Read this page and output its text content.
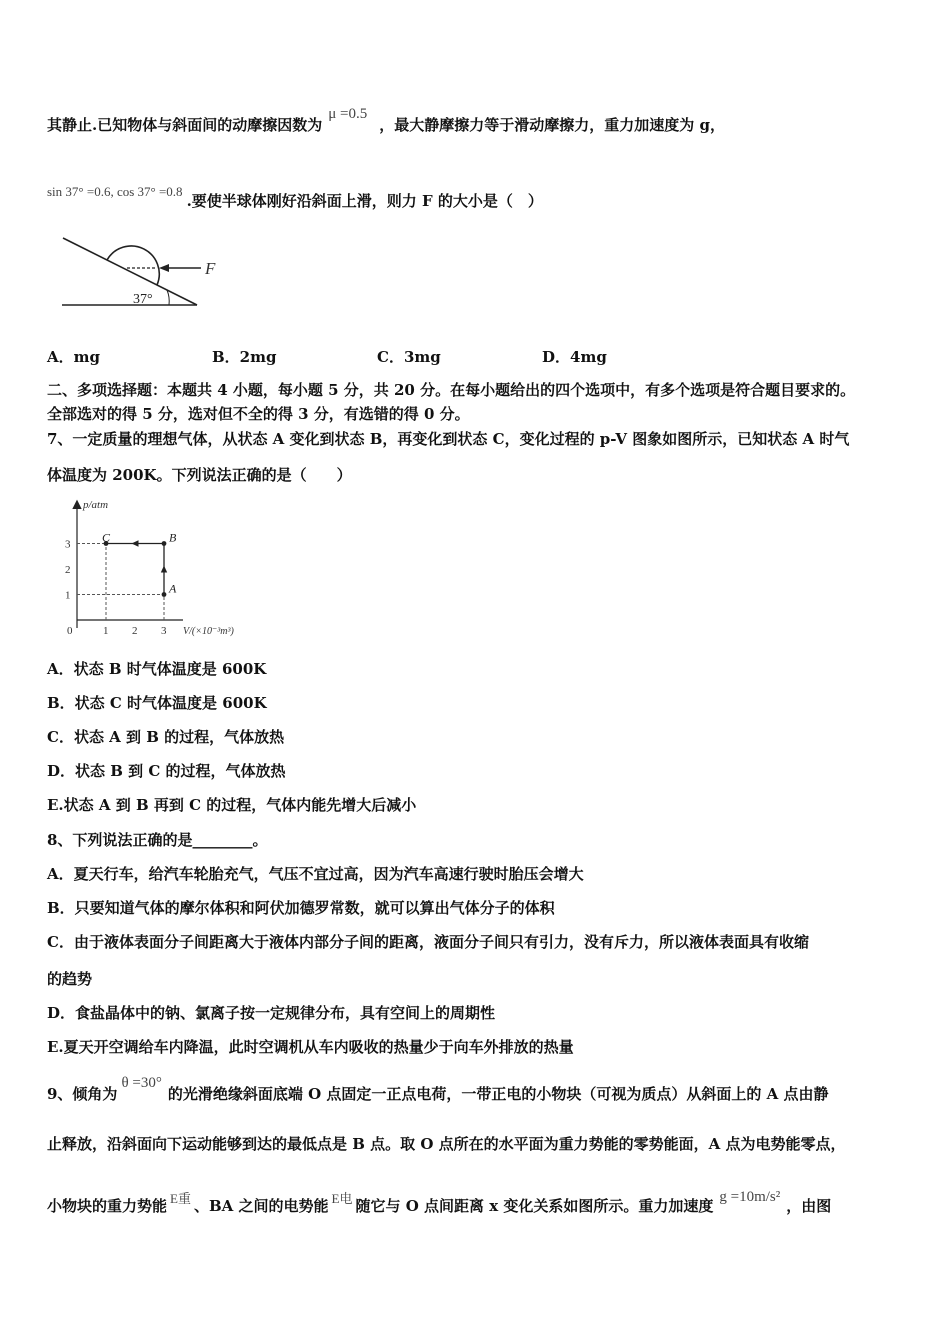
其静止.已知物体与斜面间的动摩擦因数为μ =0.5，最大静摩擦力等于滑动摩擦力，重力加速度为 g，
sin 37° =0.6, cos 37° =0.8.要使半球体刚好沿斜面上滑，则力 F 的大小是（　）
F
37°
A．mg	B．2mg	C．3mg	D．4mg
二、多项选择题：本题共 4 小题，每小题 5 分，共 20 分。在每小题给出的四个选项中，有多个选项是符合题目要求的。
全部选对的得 5 分，选对但不全的得 3 分，有选错的得 0 分。
7、一定质量的理想气体，从状态 A 变化到状态 B，再变化到状态 C，变化过程的 p-V 图象如图所示，已知状态 A 时气
体温度为 200K。下列说法正确的是（　　）
p/atm
V/(×10⁻³m³)
0	1 2 3
1
2
3
A
B
C
A．状态 B 时气体温度是 600K
B．状态 C 时气体温度是 600K
C．状态 A 到 B 的过程，气体放热
D．状态 B 到 C 的过程，气体放热
E.状态 A 到 B 再到 C 的过程，气体内能先增大后减小
8、下列说法正确的是________。
A．夏天行车，给汽车轮胎充气，气压不宜过高，因为汽车高速行驶时胎压会增大
B．只要知道气体的摩尔体积和阿伏加德罗常数，就可以算出气体分子的体积
C．由于液体表面分子间距离大于液体内部分子间的距离，液面分子间只有引力，没有斥力，所以液体表面具有收缩
的趋势
D．食盐晶体中的钠、氯离子按一定规律分布，具有空间上的周期性
E.夏天开空调给车内降温，此时空调机从车内吸收的热量少于向车外排放的热量
9、倾角为θ =30°的光滑绝缘斜面底端 O 点固定一正点电荷，一带正电的小物块（可视为质点）从斜面上的 A 点由静
止释放，沿斜面向下运动能够到达的最低点是 B 点。取 O 点所在的水平面为重力势能的零势能面，A 点为电势能零点，
小物块的重力势能 E重 、BA 之间的电势能 E电 随它与 O 点间距离 x 变化关系如图所示。重力加速度 g =10m/s² ，由图
